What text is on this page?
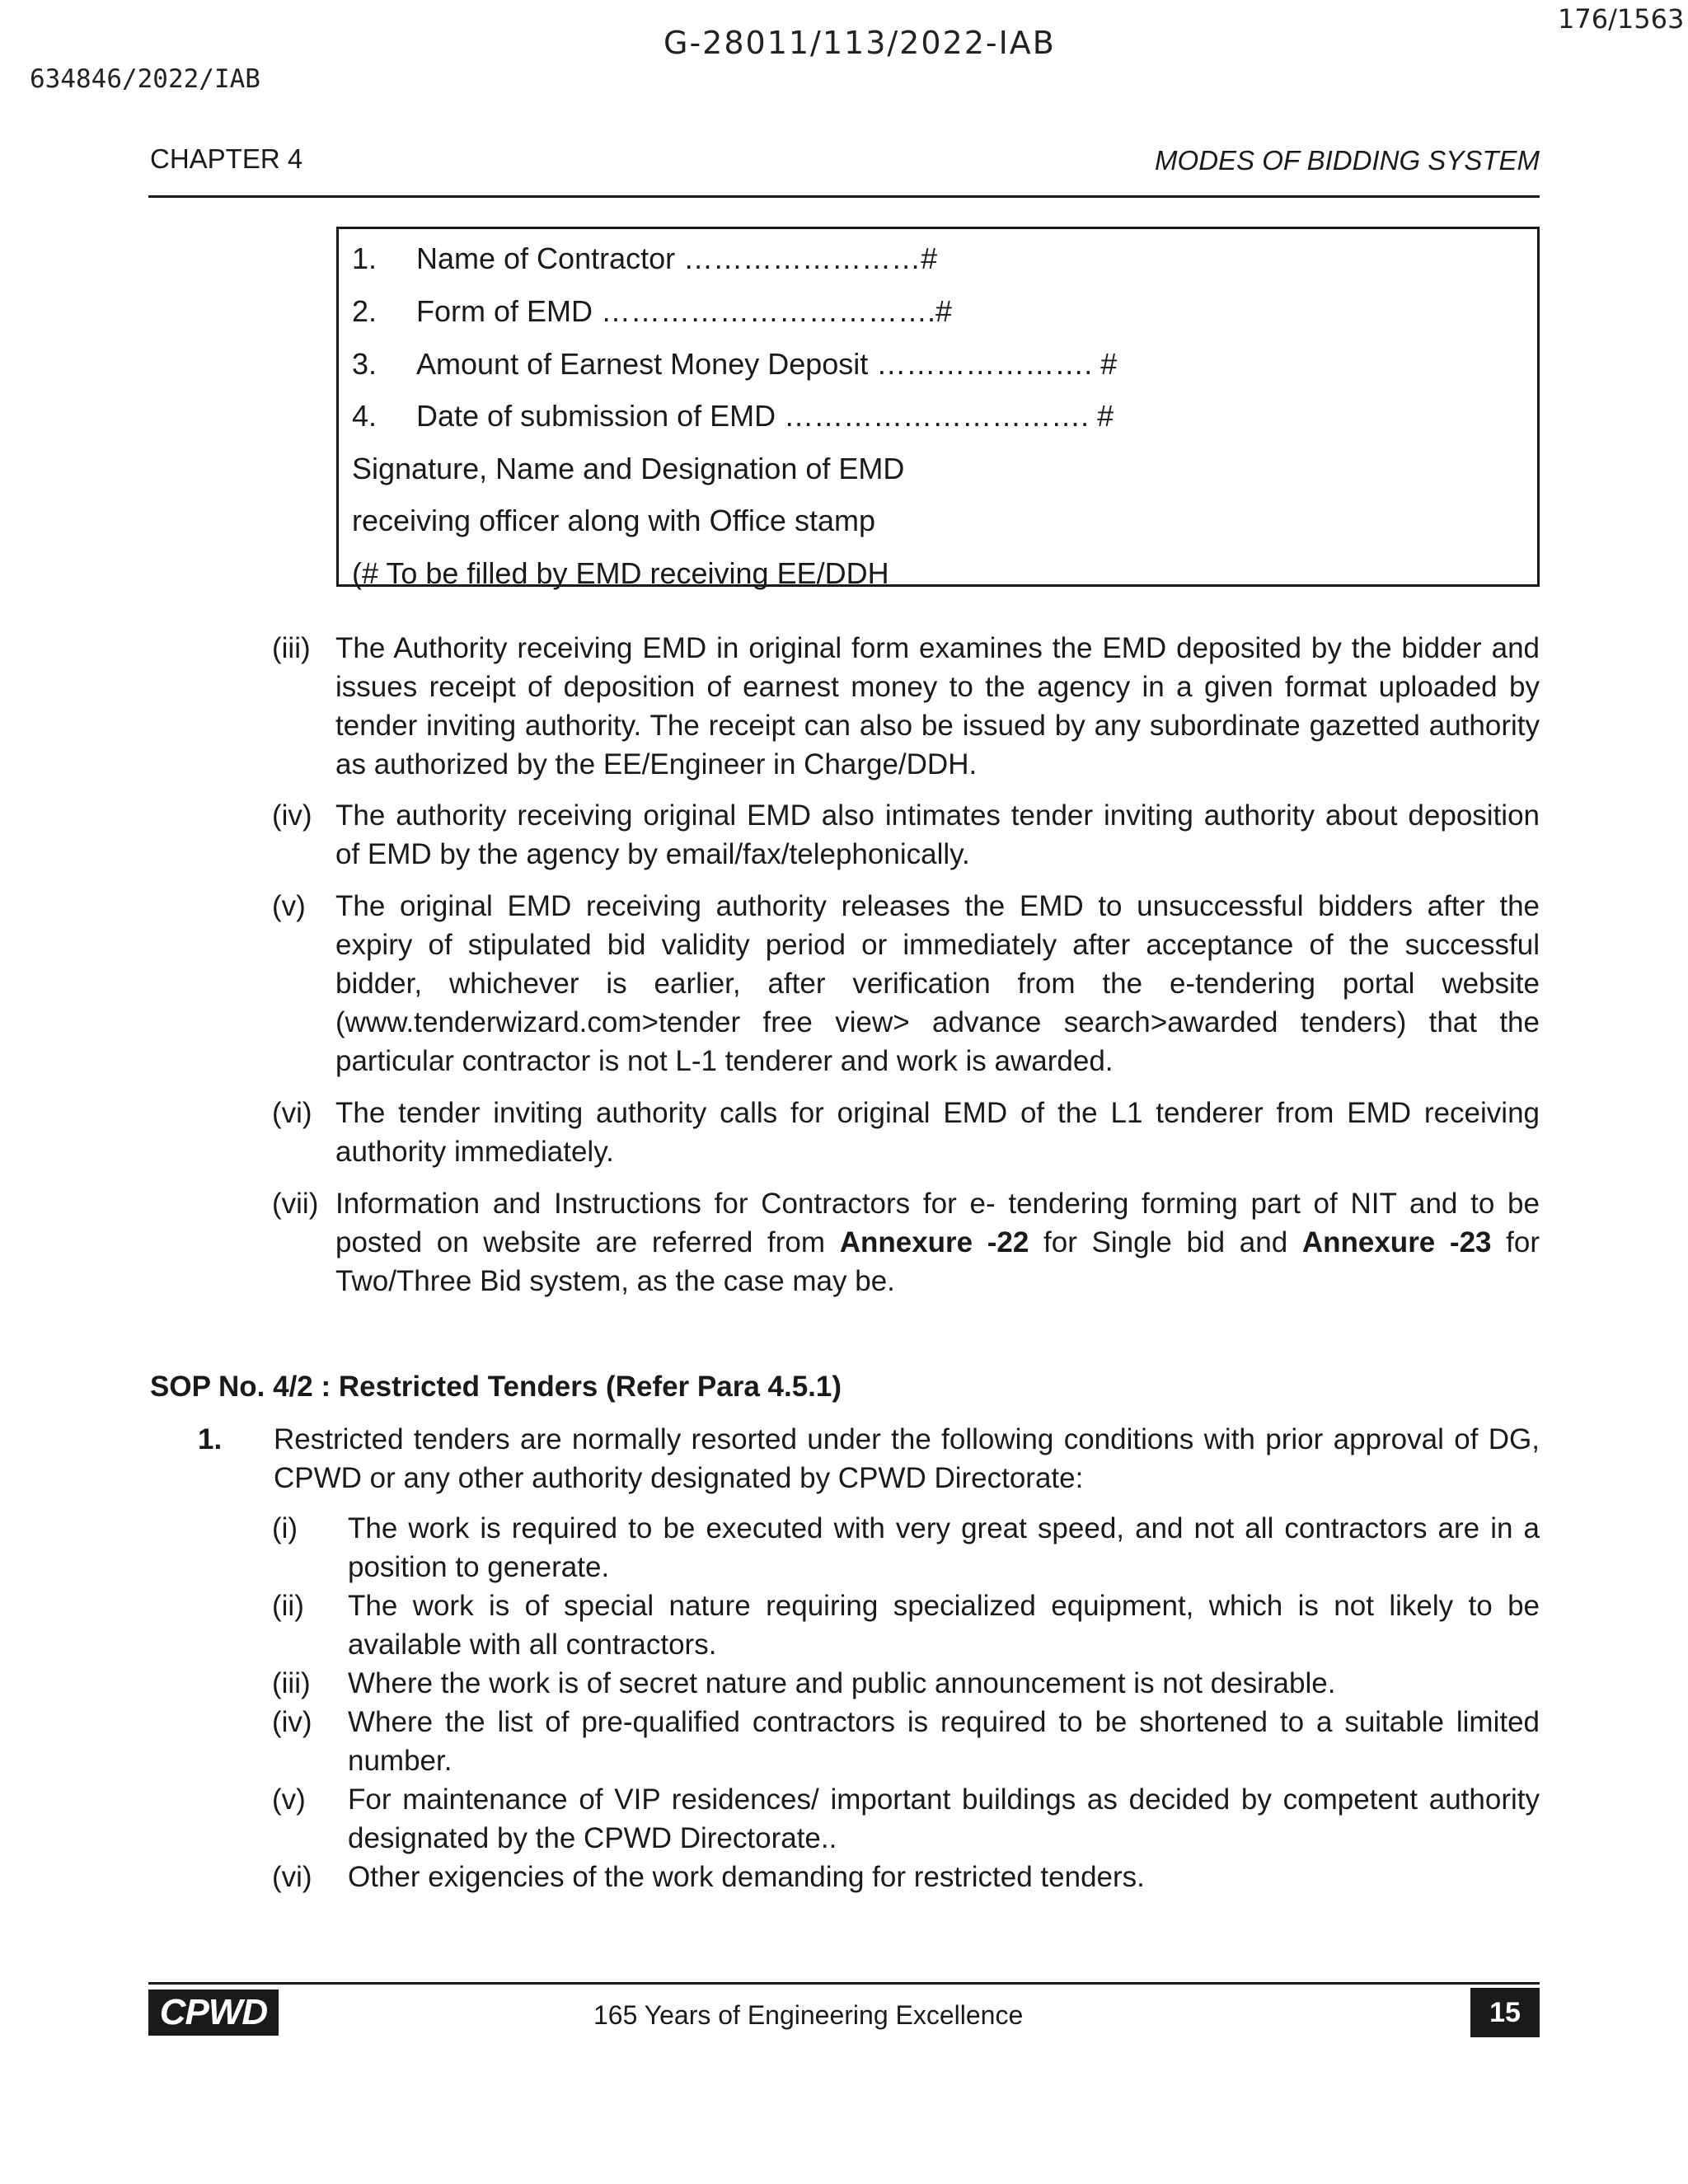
176/1563
G-28011/113/2022-IAB
634846/2022/IAB
CHAPTER 4	MODES OF BIDDING SYSTEM
1. Name of Contractor ……………………#
2. Form of EMD …………………………….#
3. Amount of Earnest Money Deposit …………………. #
4. Date of submission of EMD …………………………. #
Signature, Name and Designation of EMD
receiving officer along with Office stamp
(# To be filled by EMD receiving EE/DDH
(iii) The Authority receiving EMD in original form examines the EMD deposited by the bidder and issues receipt of deposition of earnest money to the agency in a given format uploaded by tender inviting authority. The receipt can also be issued by any subordinate gazetted authority as authorized by the EE/Engineer in Charge/DDH.
(iv) The authority receiving original EMD also intimates tender inviting authority about deposition of EMD by the agency by email/fax/telephonically.
(v) The original EMD receiving authority releases the EMD to unsuccessful bidders after the expiry of stipulated bid validity period or immediately after acceptance of the successful bidder, whichever is earlier, after verification from the e-tendering portal website (www.tenderwizard.com>tender free view> advance search>awarded tenders) that the particular contractor is not L-1 tenderer and work is awarded.
(vi) The tender inviting authority calls for original EMD of the L1 tenderer from EMD receiving authority immediately.
(vii) Information and Instructions for Contractors for e- tendering forming part of NIT and to be posted on website are referred from Annexure -22 for Single bid and Annexure -23 for Two/Three Bid system, as the case may be.
SOP No. 4/2 : Restricted Tenders (Refer Para 4.5.1)
1. Restricted tenders are normally resorted under the following conditions with prior approval of DG, CPWD or any other authority designated by CPWD Directorate:
(i) The work is required to be executed with very great speed, and not all contractors are in a position to generate.
(ii) The work is of special nature requiring specialized equipment, which is not likely to be available with all contractors.
(iii) Where the work is of secret nature and public announcement is not desirable.
(iv) Where the list of pre-qualified contractors is required to be shortened to a suitable limited number.
(v) For maintenance of VIP residences/ important buildings as decided by competent authority designated by the CPWD Directorate..
(vi) Other exigencies of the work demanding for restricted tenders.
CPWD	165 Years of Engineering Excellence	15
